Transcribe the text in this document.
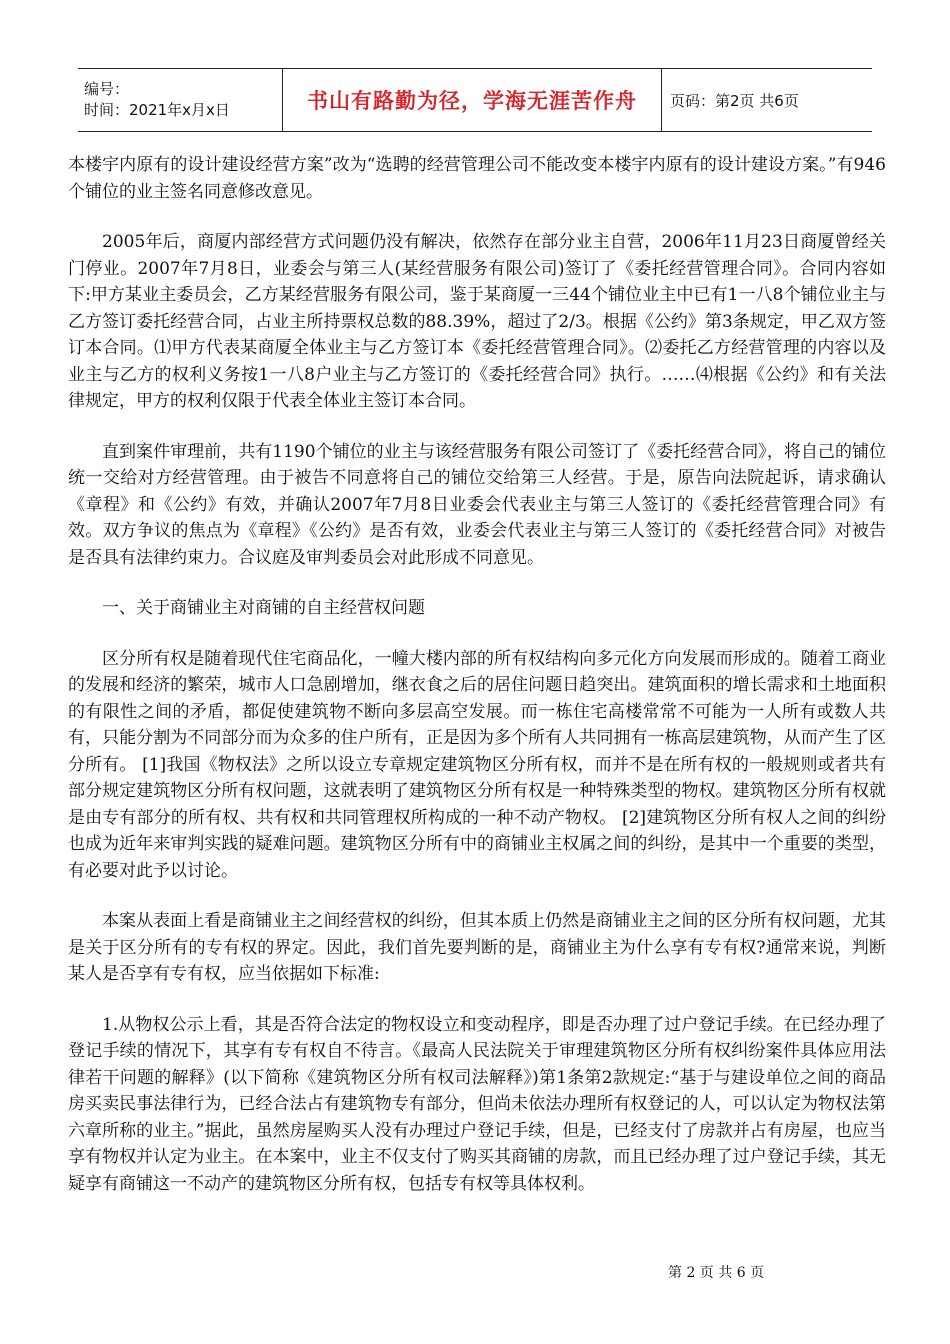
编号：
时间：2021年x月x日	书山有路勤为径，学海无涯苦作舟 页码：第2页 共6页

本楼宇内原有的设计建设经营方案”改为“选聘的经营管理公司不能改变本楼宇内原有的设计建设方案。”有946个铺位的业主签名同意修改意见。

2005年后，商厦内部经营方式问题仍没有解决，依然存在部分业主自营，2006年11月23日商厦曾经关门停业。2007年7月8日，业委会与第三人(某经营服务有限公司)签订了《委托经营管理合同》。合同内容如下:甲方某业主委员会，乙方某经营服务有限公司，鉴于某商厦一三44个铺位业主中已有1一八8个铺位业主与乙方签订委托经营合同，占业主所持票权总数的88.39%，超过了2/3。根据《公约》第3条规定，甲乙双方签订本合同。⑴甲方代表某商厦全体业主与乙方签订本《委托经营管理合同》。⑵委托乙方经营管理的内容以及业主与乙方的权利义务按1一八8户业主与乙方签订的《委托经营合同》执行。……⑷根据《公约》和有关法律规定，甲方的权利仅限于代表全体业主签订本合同。

直到案件审理前，共有1190个铺位的业主与该经营服务有限公司签订了《委托经营合同》，将自己的铺位统一交给对方经营管理。由于被告不同意将自己的铺位交给第三人经营。于是，原告向法院起诉，请求确认《章程》和《公约》有效，并确认2007年7月8日业委会代表业主与第三人签订的《委托经营管理合同》有效。双方争议的焦点为《章程》《公约》是否有效，业委会代表业主与第三人签订的《委托经营合同》对被告是否具有法律约束力。合议庭及审判委员会对此形成不同意见。

一、关于商铺业主对商铺的自主经营权问题

区分所有权是随着现代住宅商品化，一幢大楼内部的所有权结构向多元化方向发展而形成的。随着工商业的发展和经济的繁荣，城市人口急剧增加，继衣食之后的居住问题日趋突出。建筑面积的增长需求和土地面积的有限性之间的矛盾，都促使建筑物不断向多层高空发展。而一栋住宅高楼常常不可能为一人所有或数人共有，只能分割为不同部分而为众多的住户所有，正是因为多个所有人共同拥有一栋高层建筑物，从而产生了区分所有。 [1]我国《物权法》之所以设立专章规定建筑物区分所有权，而并不是在所有权的一般规则或者共有部分规定建筑物区分所有权问题，这就表明了建筑物区分所有权是一种特殊类型的物权。建筑物区分所有权就是由专有部分的所有权、共有权和共同管理权所构成的一种不动产物权。 [2]建筑物区分所有权人之间的纠纷也成为近年来审判实践的疑难问题。建筑物区分所有中的商铺业主权属之间的纠纷，是其中一个重要的类型，有必要对此予以讨论。

本案从表面上看是商铺业主之间经营权的纠纷，但其本质上仍然是商铺业主之间的区分所有权问题，尤其是关于区分所有的专有权的界定。因此，我们首先要判断的是，商铺业主为什么享有专有权?通常来说，判断某人是否享有专有权，应当依据如下标准:

1.从物权公示上看，其是否符合法定的物权设立和变动程序，即是否办理了过户登记手续。在已经办理了登记手续的情况下，其享有专有权自不待言。《最高人民法院关于审理建筑物区分所有权纠纷案件具体应用法律若干问题的解释》(以下简称《建筑物区分所有权司法解释》)第1条第2款规定:“基于与建设单位之间的商品房买卖民事法律行为，已经合法占有建筑物专有部分，但尚未依法办理所有权登记的人，可以认定为物权法第六章所称的业主。”据此，虽然房屋购买人没有办理过户登记手续，但是，已经支付了房款并占有房屋，也应当享有物权并认定为业主。在本案中，业主不仅支付了购买其商铺的房款，而且已经办理了过户登记手续，其无疑享有商铺这一不动产的建筑物区分所有权，包括专有权等具体权利。

第 2 页 共 6 页
